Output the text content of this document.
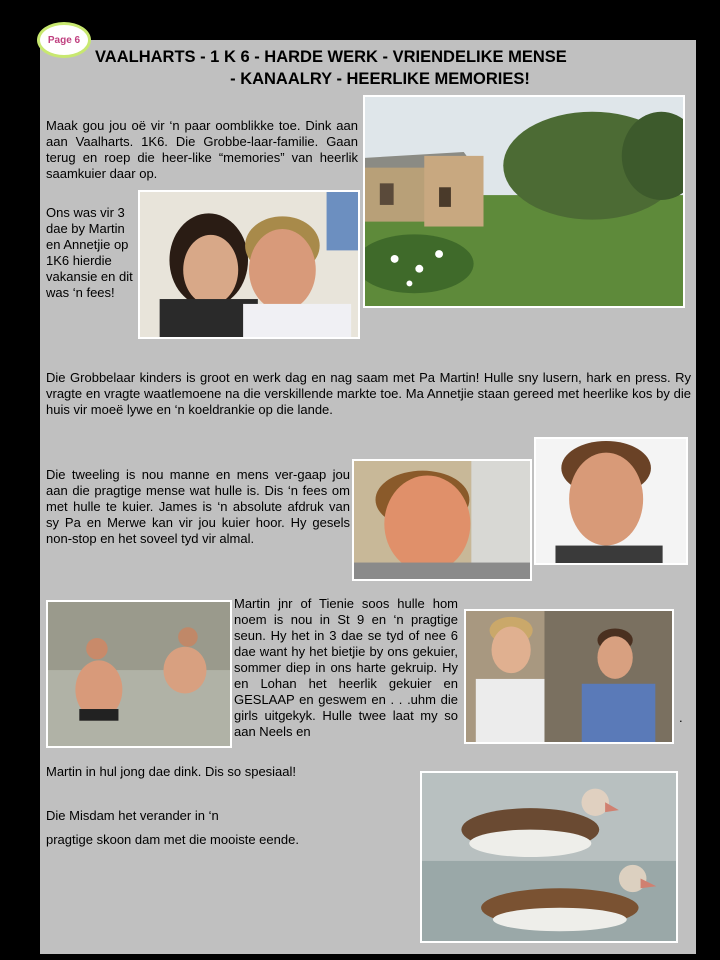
Page 6
VAALHARTS - 1 K 6 - HARDE WERK - VRIENDELIKE MENSE
- KANAALRY - HEERLIKE MEMORIES!
Maak gou jou oë vir ‘n paar oomblikke toe. Dink aan aan Vaalharts. 1K6. Die Grobbe-laar-familie. Gaan terug en roep die heer-like “memories” van heerlik saamkuier daar op.
Ons was vir 3 dae by Martin en Annetjie op 1K6 hierdie vakansie en dit was ‘n fees!
Die Grobbelaar kinders is groot en werk dag en nag saam met Pa Martin! Hulle sny lusern, hark en press. Ry vragte en vragte waatlemoene na die verskillende markte toe. Ma Annetjie staan gereed met heerlike kos by die huis vir moeë lywe en ‘n koeldrankie op die lande.
Die tweeling is nou manne en mens ver-gaap jou aan die pragtige mense wat hulle is. Dis ‘n fees om met hulle te kuier. James is ‘n absolute afdruk van sy Pa en Merwe kan vir jou kuier hoor. Hy gesels non-stop en het soveel tyd vir almal.
Martin jnr of Tienie soos hulle hom noem is nou in St 9 en ‘n pragtige seun. Hy het in 3 dae se tyd of nee 6 dae want hy het bietjie by ons gekuier, sommer diep in ons harte gekruip. Hy en Lohan het heerlik gekuier en GESLAAP en geswem en . . .uhm die girls uitgekyk. Hulle twee laat my so aan Neels en
Martin in hul jong dae dink. Dis so spesiaal!
.
Die Misdam het verander in ‘n
pragtige skoon dam met die mooiste eende.
